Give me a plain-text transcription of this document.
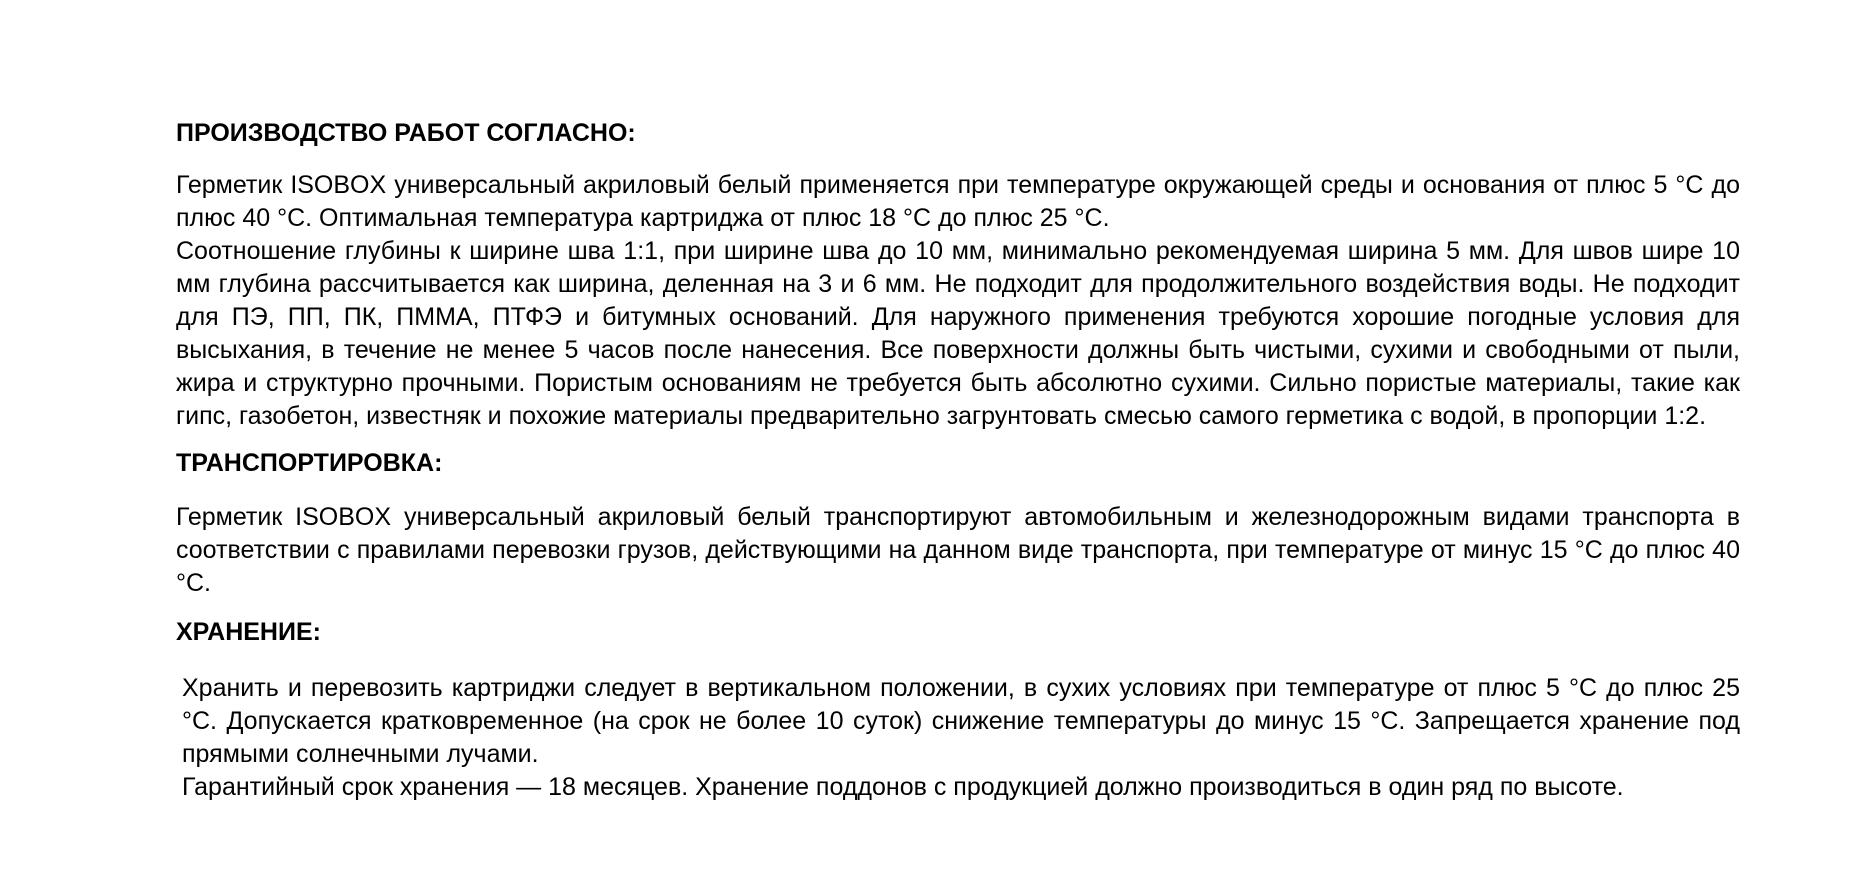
ПРОИЗВОДСТВО РАБОТ СОГЛАСНО:

Герметик ISOBOX универсальный акриловый белый применяется при температуре окружающей среды и основания от плюс 5 °С до плюс 40 °С. Оптимальная температура картриджа от плюс 18 °С до плюс 25 °С.

Соотношение глубины к ширине шва 1:1, при ширине шва до 10 мм, минимально рекомендуемая ширина 5 мм. Для швов шире 10 мм глубина рассчитывается как ширина, деленная на 3 и 6 мм. Не подходит для продолжительного воздействия воды. Не подходит для ПЭ, ПП, ПК, ПММА, ПТФЭ и битумных оснований. Для наружного применения требуются хорошие погодные условия для высыхания, в течение не менее 5 часов после нанесения. Все поверхности должны быть чистыми, сухими и свободными от пыли, жира и структурно прочными. Пористым основаниям не требуется быть абсолютно сухими. Сильно пористые материалы, такие как гипс, газобетон, известняк и похожие материалы предварительно загрунтовать смесью самого герметика с водой, в пропорции 1:2.

ТРАНСПОРТИРОВКА:

Герметик ISOBOX универсальный акриловый белый транспортируют автомобильным и железнодорожным видами транспорта в соответствии с правилами перевозки грузов, действующими на данном виде транспорта, при температуре от минус 15 °С до плюс 40 °С.

ХРАНЕНИЕ:

Хранить и перевозить картриджи следует в вертикальном положении, в сухих условиях при температуре от плюс 5 °С до плюс 25 °С. Допускается кратковременное (на срок не более 10 суток) снижение температуры до минус 15 °С. Запрещается хранение под прямыми солнечными лучами.

Гарантийный срок хранения — 18 месяцев. Хранение поддонов с продукцией должно производиться в один ряд по высоте.
